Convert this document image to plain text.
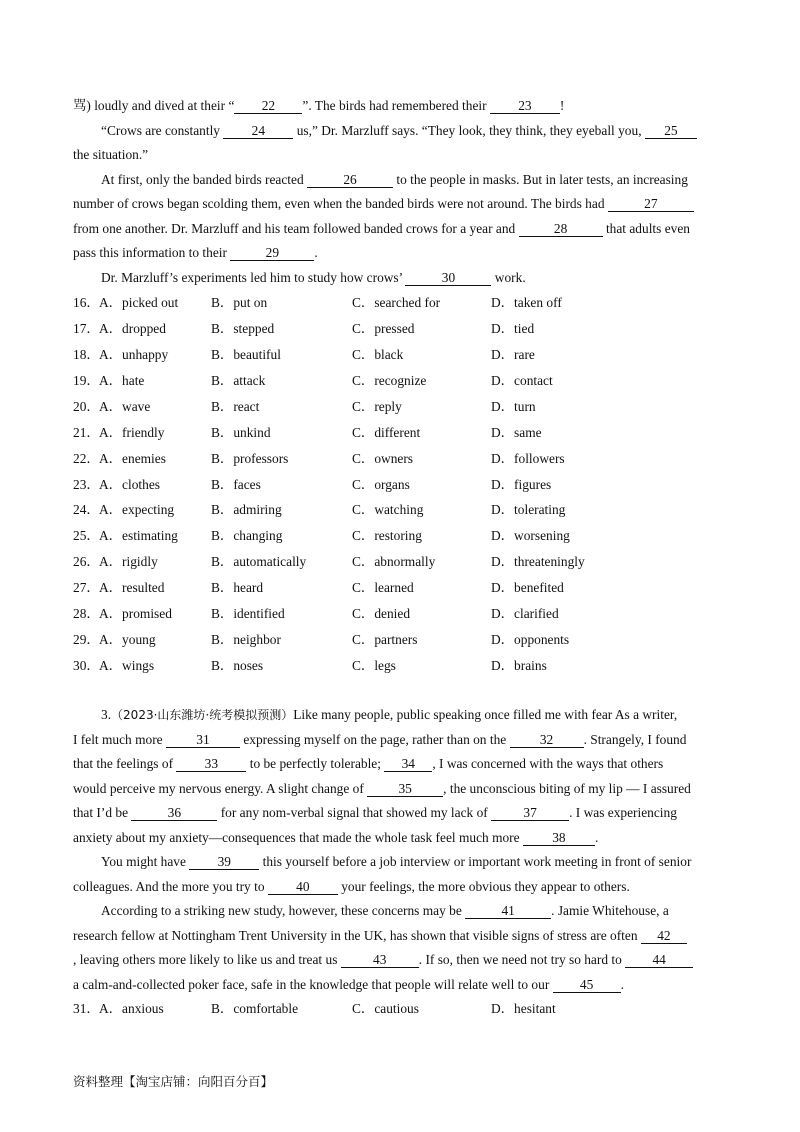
骂) loudly and dived at their “ 22 ”. The birds had remembered their 23 !
“Crows are constantly 24 us,” Dr. Marzluff says. “They look, they think, they eyeball you, 25
the situation.”
At first, only the banded birds reacted	26	to the people in masks. But in later tests, an increasing
number of crows began scolding them, even when the banded birds were not around. The birds had	27
from one another. Dr. Marzluff and his team followed banded crows for a year and	28	that adults even
pass this information to their	29	.
Dr. Marzluff’s experiments led him to study how crows’	30	work.
16． A．picked out B．put on	C．searched for	D．taken off
17． A．dropped	B．stepped	C．pressed	D．tied
18． A．unhappy	B．beautiful	C．black	D．rare
19． A．hate	B．attack	C．recognize	D．contact
20． A．wave	B．react	C．reply	D．turn
21． A．friendly	B．unkind	C．different	D．same
22． A．enemies	B．professors	C．owners	D．followers
23． A．clothes	B．faces	C．organs	D．figures
24． A．expecting	B．admiring	C．watching	D．tolerating
25． A．estimating B．changing	C．restoring	D．worsening
26． A．rigidly	B．automatically	C．abnormally	D．threateningly
27． A．resulted	B．heard	C．learned	D．benefited
28． A．promised	B．identified	C．denied	D．clarified
29． A．young	B．neighbor	C．partners	D．opponents
30． A．wings	B．noses	C．legs	D．brains
3.（2023·山东潍坊·统考模拟预测）Like many people, public speaking once filled me with fear As a writer,
I felt much more 31 expressing myself on the page, rather than on the 32 . Strangely, I found
that the feelings of 33 to be perfectly tolerable; 34 , I was concerned with the ways that others
would perceive my nervous energy. A slight change of 35 , the unconscious biting of my lip — I assured
that I’d be	36	for any nom-verbal signal that showed my lack of 37 . I was experiencing
anxiety about my anxiety—consequences that made the whole task feel much more 38 .
You might have 39 this yourself before a job interview or important work meeting in front of senior
colleagues. And the more you try to 40 your feelings, the more obvious they appear to others.
According to a striking new study, however, these concerns may be	41	. Jamie Whitehouse, a
research fellow at Nottingham Trent University in the UK, has shown that visible signs of stress are often 42
, leaving others more likely to like us and treat us 43 . If so, then we need not try so hard to 44
a calm-and-collected poker face, safe in the knowledge that people will relate well to our 45 .
31． A．anxious	B．comfortable	C．cautious	D．hesitant
资料整理【淘宝店铺：向阳百分百】
